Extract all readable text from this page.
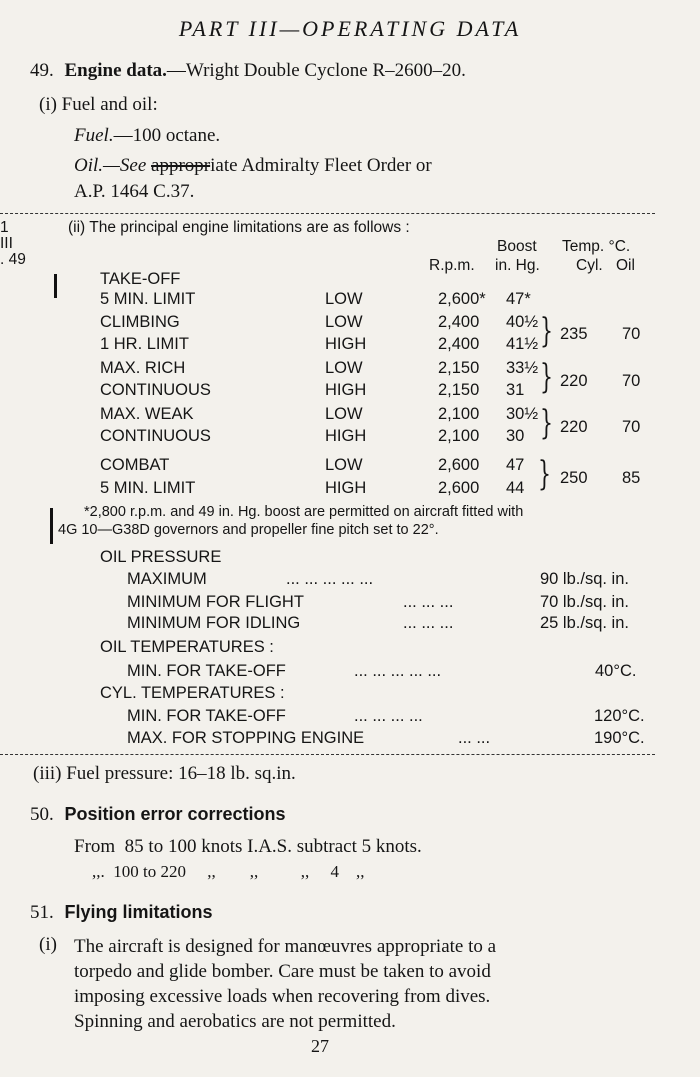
PART III—OPERATING DATA
49. Engine data.—Wright Double Cyclone R–2600–20.
(i) Fuel and oil:
Fuel.—100 octane.
Oil.—See appropriate Admiralty Fleet Order or
A.P. 1464 C.37.
1
III
. 49
(ii) The principal engine limitations are as follows :
Boost Temp. °C.
R.p.m. in. Hg. Cyl. Oil
TAKE-OFF
5 MIN. LIMIT	LOW	2,600* 47*
CLIMBING	LOW	2,400 40½
1 HR. LIMIT	HIGH	2,400 41½ } 235 70
MAX. RICH	LOW	2,150 33½
CONTINUOUS	HIGH	2,150 31 } 220 70
MAX. WEAK	LOW	2,100 30½
CONTINUOUS	HIGH	2,100 30 } 220 70
COMBAT	LOW	2,600 47
5 MIN. LIMIT	HIGH	2,600 44 } 250 85
*2,800 r.p.m. and 49 in. Hg. boost are permitted on aircraft fitted with
4G 10—G38D governors and propeller fine pitch set to 22°.
OIL PRESSURE
MAXIMUM	... ... ... ... ...	90 lb./sq. in.
MINIMUM FOR FLIGHT	... ... ...	70 lb./sq. in.
MINIMUM FOR IDLING	... ... ...	25 lb./sq. in.
OIL TEMPERATURES :
MIN. FOR TAKE-OFF	... ... ... ... ...	40°C.
CYL. TEMPERATURES :
MIN. FOR TAKE-OFF	... ... ... ...	120°C.
MAX. FOR STOPPING ENGINE	... ...	190°C.
(iii) Fuel pressure: 16–18 lb. sq.in.
50. Position error corrections
From  85 to 100 knots I.A.S. subtract 5 knots.
,,.  100 to 220     ,,        ,,          ,,     4    ,,
51. Flying limitations
(i) The aircraft is designed for manœuvres appropriate to a
torpedo and glide bomber. Care must be taken to avoid
imposing excessive loads when recovering from dives.
Spinning and aerobatics are not permitted.
27
